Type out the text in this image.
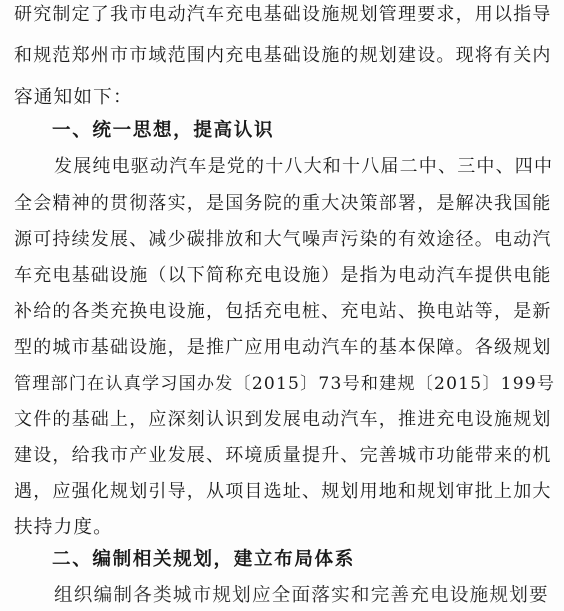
研究制定了我市电动汽车充电基础设施规划管理要求，用以指导
和规范郑州市市域范围内充电基础设施的规划建设。现将有关内
容通知如下：
一、统一思想，提高认识
发展纯电驱动汽车是党的十八大和十八届二中、三中、四中
全会精神的贯彻落实，是国务院的重大决策部署，是解决我国能
源可持续发展、减少碳排放和大气噪声污染的有效途径。电动汽
车充电基础设施（以下简称充电设施）是指为电动汽车提供电能
补给的各类充换电设施，包括充电桩、充电站、换电站等，是新
型的城市基础设施，是推广应用电动汽车的基本保障。各级规划
管理部门在认真学习国办发〔2015〕73号和建规〔2015〕199号
文件的基础上，应深刻认识到发展电动汽车，推进充电设施规划
建设，给我市产业发展、环境质量提升、完善城市功能带来的机
遇，应强化规划引导，从项目选址、规划用地和规划审批上加大
扶持力度。
二、编制相关规划，建立布局体系
组织编制各类城市规划应全面落实和完善充电设施规划要
